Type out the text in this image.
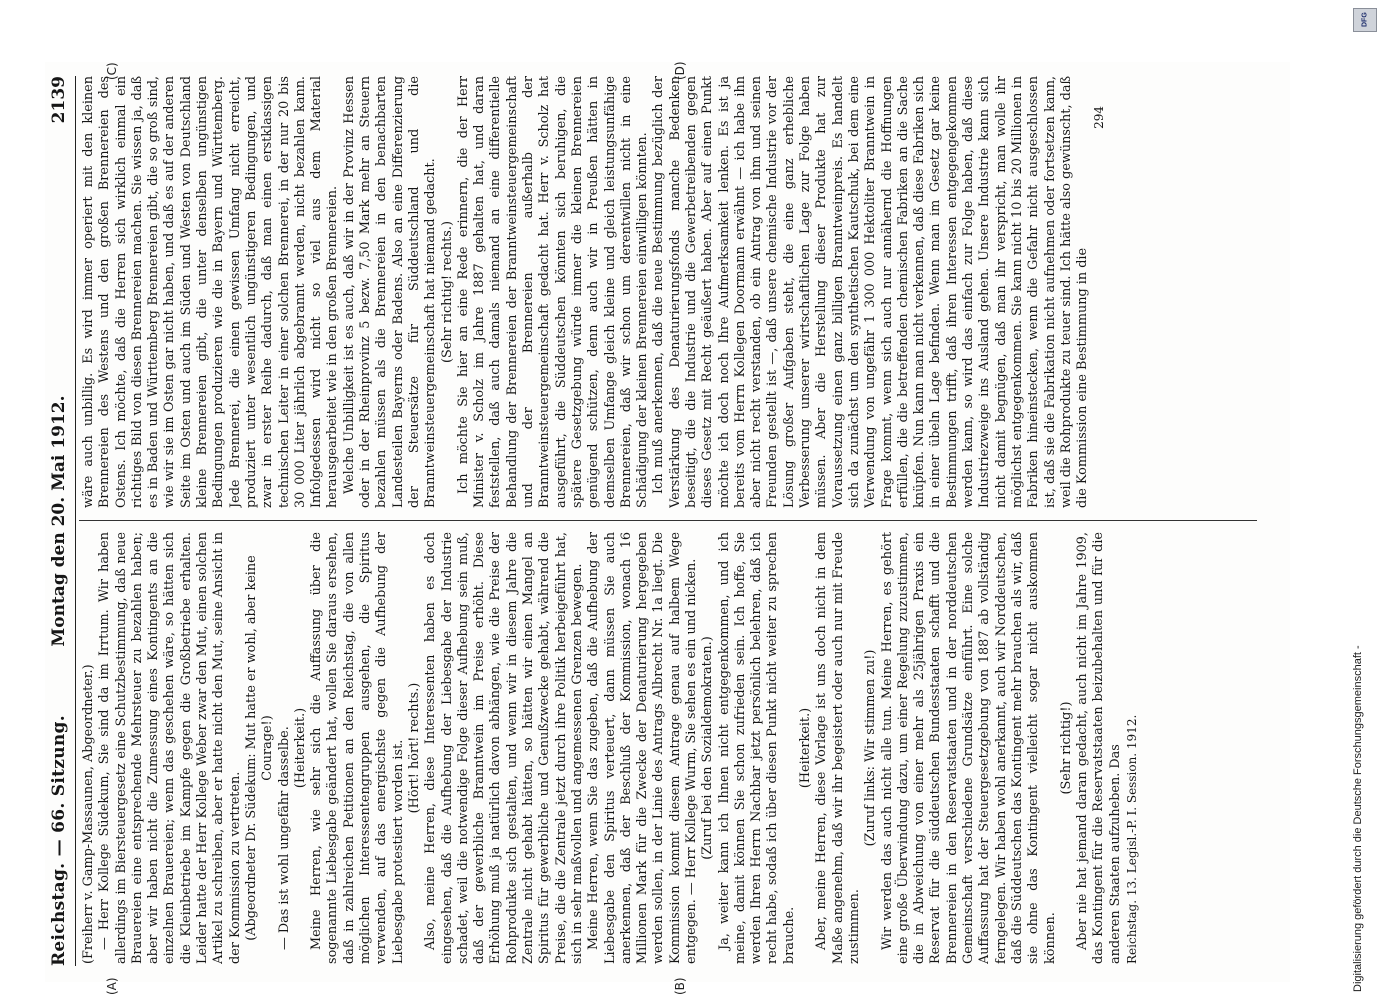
Reichstag. — 66. Sitzung.
Montag den 20. Mai 1912.
2139
(A)	(B)
(C)	(D)

(Freiherr v. Gamp-Massaunen, Abgeordneter.) — Herr Kollege Südekum, Sie sind da im Irrtum. Wir haben allerdings im Biersteuergesetz eine Schutzbestimmung, daß neue Brauereien eine entsprechende Mehrsteuer zu bezahlen haben; aber wir haben nicht die Zumessung eines Kontingents an die einzelnen Brauereien; wenn das geschehen wäre, so hätten sich die Kleinbetriebe im Kampfe gegen die Großbetriebe erhalten. Leider hatte der Herr Kollege Weber zwar den Mut, einen solchen Artikel zu schreiben, aber er hatte nicht den Mut, seine Ansicht in der Kommission zu vertreten. (Abgeordneter Dr. Südekum: Mut hatte er wohl, aber keine Courage!) — Das ist wohl ungefähr dasselbe. (Heiterkeit.) Meine Herren, wie sehr sich die Auffassung über die sogenannte Liebesgabe geändert hat, wollen Sie daraus ersehen, daß in zahlreichen Petitionen an den Reichstag, die von allen möglichen Interessentengruppen ausgehen, die Spiritus verwenden, auf das energischste gegen die Aufhebung der Liebesgabe protestiert worden ist. (Hört! hört! rechts.) Also, meine Herren, diese Interessenten haben es doch eingesehen, daß die Aufhebung der Liebesgabe der Industrie schadet, weil die notwendige Folge dieser Aufhebung sein muß, daß der gewerbliche Branntwein im Preise erhöht. Diese Erhöhung muß ja natürlich davon abhängen, wie die Preise der Rohprodukte sich gestalten, und wenn wir in diesem Jahre die Zentrale nicht gehabt hätten, so hätten wir einen Mangel an Spiritus für gewerbliche und Genußzwecke gehabt, während die Preise, die die Zentrale jetzt durch ihre Politik herbeigeführt hat, sich in sehr maßvollen und angemessenen Grenzen bewegen. Meine Herren, wenn Sie das zugeben, daß die Aufhebung der Liebesgabe den Spiritus verteuert, dann müssen Sie auch anerkennen, daß der Beschluß der Kommission, wonach 16 Millionen Mark für die Zwecke der Denaturierung hergegeben werden sollen, in der Linie des Antrags Albrecht Nr. 1a liegt. Die Kommission kommt diesem Antrage genau auf halbem Wege entgegen. — Herr Kollege Wurm, Sie sehen es ein und nicken. (Zuruf bei den Sozialdemokraten.) Ja, weiter kann ich Ihnen nicht entgegenkommen, und ich meine, damit können Sie schon zufrieden sein. Ich hoffe, Sie werden Ihren Herrn Nachbar jetzt persönlich belehren, daß ich recht habe, sodaß ich über diesen Punkt nicht weiter zu sprechen brauche.

(Heiterkeit.) Aber, meine Herren, diese Vorlage ist uns doch nicht in dem Maße angenehm, daß wir ihr begeistert oder auch nur mit Freude zustimmen.

(Zuruf links: Wir stimmen zu!) Wir werden das auch nicht alle tun. Meine Herren, es gehört eine große Überwindung dazu, um einer Regelung zuzustimmen, die in Abweichung von einer mehr als 25jährigen Praxis ein Reservat für die süddeutschen Bundesstaaten schafft und die Brennereien in den Reservatstaaten und in der norddeutschen Gemeinschaft verschiedene Grundsätze einführt. Eine solche Auffassung hat der Steuergesetzgebung von 1887 ab vollständig ferngelegen. Wir haben wohl anerkannt, auch wir Norddeutschen, daß die Süddeutschen das Kontingent mehr brauchen als wir, daß sie ohne das Kontingent vielleicht sogar nicht auskommen können.

(Sehr richtig!) Aber nie hat jemand daran gedacht, auch nicht im Jahre 1909, das Kontingent für die Reservatstaaten beizubehalten und für die anderen Staaten aufzuheben. Das Reichstag. 13. Legisl.-P. I. Session. 1912.

wäre auch unbillig. Es wird immer operiert mit den kleinen Brennereien des Westens und den großen Brennereien des Ostens. Ich möchte, daß die Herren sich wirklich einmal ein richtiges Bild von diesen Brennereien machen. Sie wissen ja, daß es in Baden und Württemberg Brennereien gibt, die so groß sind, wie wir sie im Osten gar nicht haben, und daß es auf der anderen Seite im Osten und auch im Süden und Westen von Deutschland kleine Brennereien gibt, die unter denselben ungünstigen Bedingungen produzieren wie die in Bayern und Württemberg. Jede Brennerei, die einen gewissen Umfang nicht erreicht, produziert unter wesentlich ungünstigeren Bedingungen, und zwar in erster Reihe dadurch, daß man einen erstklassigen technischen Leiter in einer solchen Brennerei, in der nur 20 bis 30 000 Liter jährlich abgebrannt werden, nicht bezahlen kann. Infolgedessen wird nicht so viel aus dem Material herausgearbeitet wie in den großen Brennereien. Welche Unbilligkeit ist es auch, daß wir in der Provinz Hessen oder in der Rheinprovinz 5 bezw. 7,50 Mark mehr an Steuern bezahlen müssen als die Brennereien in den benachbarten Landesteilen Bayerns oder Badens. Also an eine Differenzierung der Steuersätze für Süddeutschland und die Branntweinsteuergemeinschaft hat niemand gedacht. (Sehr richtig! rechts.) Ich möchte Sie hier an eine Rede erinnern, die der Herr Minister v. Scholz im Jahre 1887 gehalten hat, und daran feststellen, daß auch damals niemand an eine differentielle Behandlung der Brennereien der Branntweinsteuergemeinschaft und der Brennereien außerhalb der Branntweinsteuergemeinschaft gedacht hat. Herr v. Scholz hat ausgeführt, die Süddeutschen könnten sich beruhigen, die spätere Gesetzgebung würde immer die kleinen Brennereien genügend schützen, denn auch wir in Preußen hätten in demselben Umfange gleich kleine und gleich leistungsunfähige Brennereien, daß wir schon um derentwillen nicht in eine Schädigung der kleinen Brennereien einwilligen könnten. Ich muß anerkennen, daß die neue Bestimmung bezüglich der Verstärkung des Denaturierungsfonds manche Bedenken beseitigt, die die Industrie und die Gewerbetreibenden gegen dieses Gesetz mit Recht geäußert haben. Aber auf einen Punkt möchte ich doch noch Ihre Aufmerksamkeit lenken. Es ist ja bereits vom Herrn Kollegen Doormann erwähnt — ich habe ihn aber nicht recht verstanden, ob ein Antrag von ihm und seinen Freunden gestellt ist —, daß unsere chemische Industrie vor der Lösung großer Aufgaben steht, die eine ganz erhebliche Verbesserung unserer wirtschaftlichen Lage zur Folge haben müssen. Aber die Herstellung dieser Produkte hat zur Voraussetzung einen ganz billigen Branntweinpreis. Es handelt sich da zunächst um den synthetischen Kautschuk, bei dem eine Verwendung von ungefähr 1 300 000 Hektoliter Branntwein in Frage kommt, wenn sich auch nur annähernd die Hoffnungen erfüllen, die die betreffenden chemischen Fabriken an die Sache knüpfen. Nun kann man nicht verkennen, daß diese Fabriken sich in einer übeln Lage befinden. Wenn man im Gesetz gar keine Bestimmungen trifft, daß ihren Interessen entgegengekommen werden kann, so wird das einfach zur Folge haben, daß diese Industriezweige ins Ausland gehen. Unsere Industrie kann sich nicht damit begnügen, daß man ihr verspricht, man wolle ihr möglichst entgegenkommen. Sie kann nicht 10 bis 20 Millionen in Fabriken hineinstecken, wenn die Gefahr nicht ausgeschlossen ist, daß sie die Fabrikation nicht aufnehmen oder fortsetzen kann, weil die Rohprodukte zu teuer sind. Ich hätte also gewünscht, daß die Kommission eine Bestimmung in die

294

Digitalisierung gefördert durch die Deutsche Forschungsgemeinschaft -
DFG
